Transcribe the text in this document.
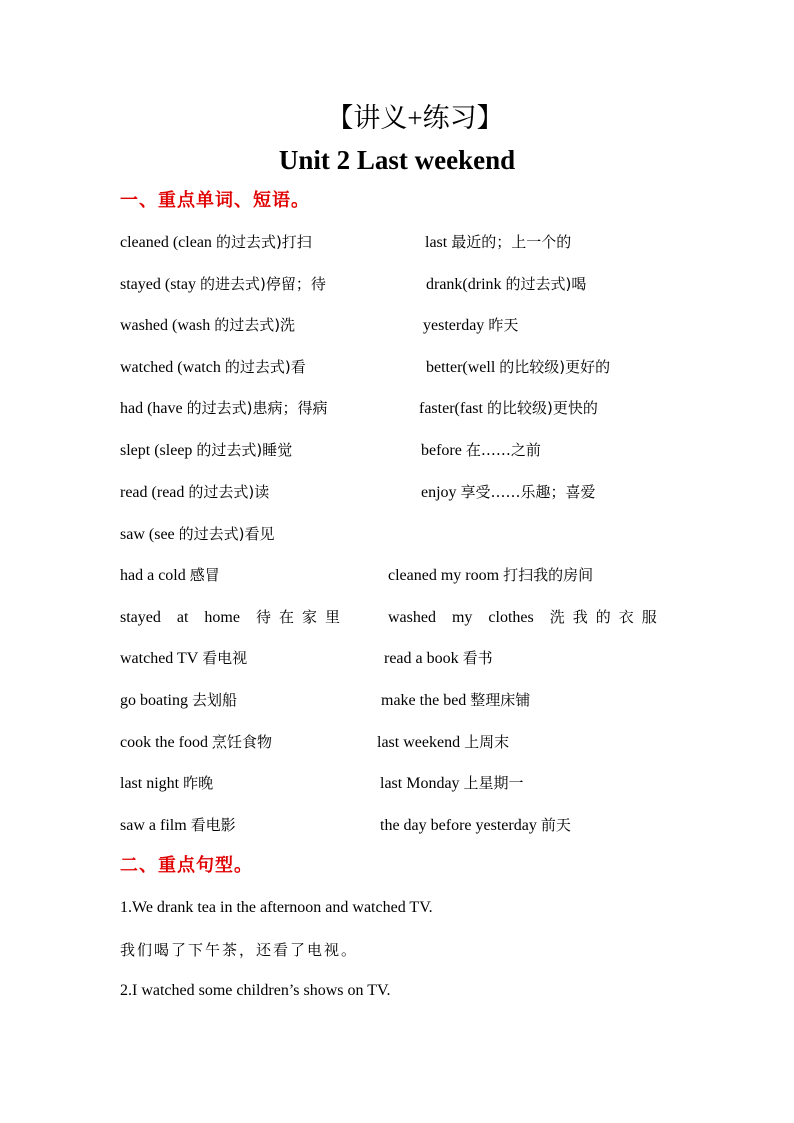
【讲义+练习】
Unit 2 Last weekend
一、重点单词、短语。
cleaned (clean 的过去式)打扫	last 最近的；上一个的
stayed (stay 的进去式)停留；待	drank(drink 的过去式)喝
washed (wash 的过去式)洗	yesterday 昨天
watched (watch 的过去式)看	better(well 的比较级)更好的
had (have 的过去式)患病；得病	faster(fast 的比较级)更快的
slept (sleep 的过去式)睡觉	before 在……之前
read (read 的过去式)读	enjoy 享受……乐趣；喜爱
saw (see 的过去式)看见
had a cold 感冒	cleaned my room 打扫我的房间
stayed at home 待在家里	washed my clothes 洗我的衣服
watched TV 看电视	read a book 看书
go boating 去划船	make the bed 整理床铺
cook the food 烹饪食物	last weekend 上周末
last night 昨晚	last Monday 上星期一
saw a film 看电影	the day before yesterday 前天
二、重点句型。
1.We drank tea in the afternoon and watched TV.
我们喝了下午茶，还看了电视。
2.I watched some children’s shows on TV.
